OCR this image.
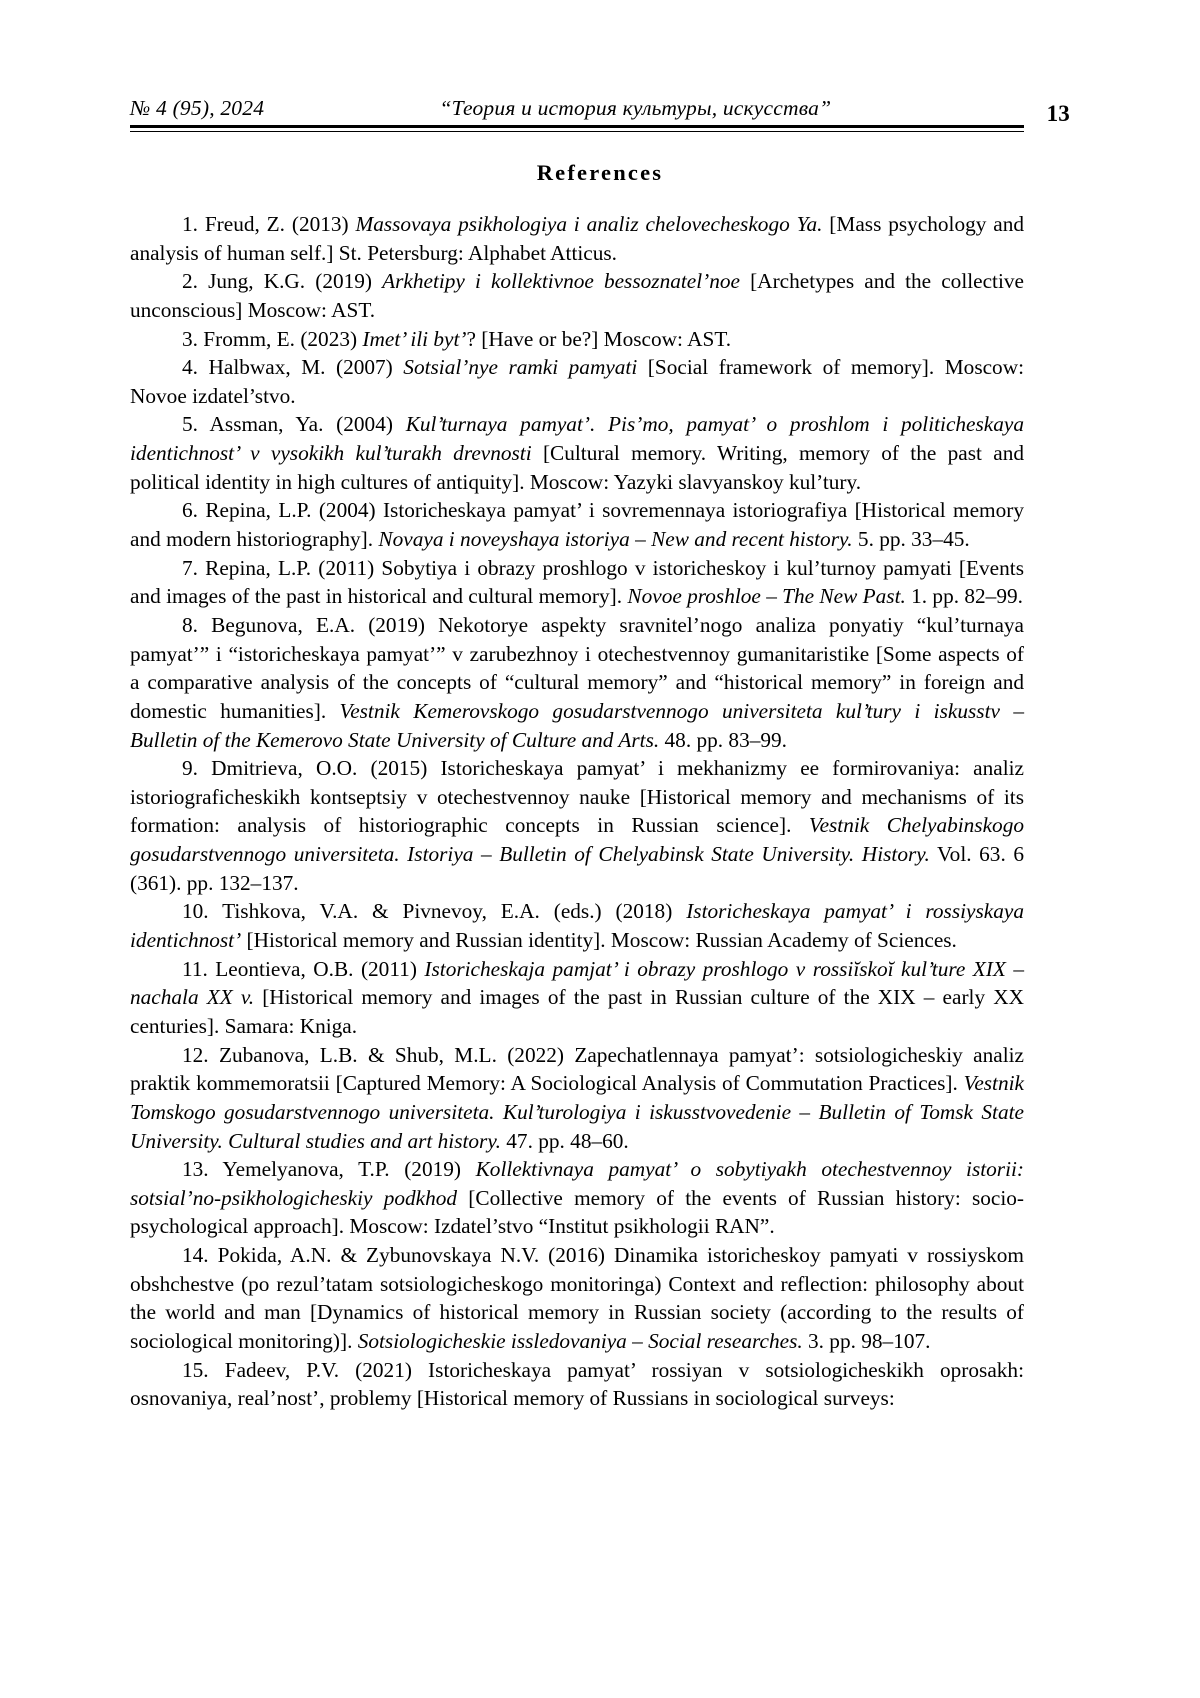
№ 4 (95), 2024	“Теория и история культуры, искусства”	13
References

1. Freud, Z. (2013) Massovaya psikhologiya i analiz chelovecheskogo Ya. [Mass psychology and analysis of human self.] St. Petersburg: Alphabet Atticus.

2. Jung, K.G. (2019) Arkhetipy i kollektivnoe bessoznatel’noe [Archetypes and the collective unconscious] Moscow: AST.

3. Fromm, E. (2023) Imet’ ili byt’? [Have or be?] Moscow: AST.

4. Halbwax, M. (2007) Sotsial’nye ramki pamyati [Social framework of memory]. Moscow: Novoe izdatel’stvo.

5. Assman, Ya. (2004) Kul’turnaya pamyat’. Pis’mo, pamyat’ o proshlom i politicheskaya identichnost’ v vysokikh kul’turakh drevnosti [Cultural memory. Writing, memory of the past and political identity in high cultures of antiquity]. Moscow: Yazyki slavyanskoy kul’tury.

6. Repina, L.P. (2004) Istoricheskaya pamyat’ i sovremennaya istoriografiya [Historical memory and modern historiography]. Novaya i noveyshaya istoriya – New and recent history. 5. pp. 33–45.

7. Repina, L.P. (2011) Sobytiya i obrazy proshlogo v istoricheskoy i kul’turnoy pamyati [Events and images of the past in historical and cultural memory]. Novoe proshloe – The New Past. 1. pp. 82–99.

8. Begunova, E.A. (2019) Nekotorye aspekty sravnitel’nogo analiza ponyatiy “kul’turnaya pamyat’” i “istoricheskaya pamyat’” v zarubezhnoy i otechestvennoy gumanitaristike [Some aspects of a comparative analysis of the concepts of “cultural memory” and “historical memory” in foreign and domestic humanities]. Vestnik Kemerovskogo gosudarstvennogo universiteta kul’tury i iskusstv – Bulletin of the Kemerovo State University of Culture and Arts. 48. pp. 83–99.

9. Dmitrieva, O.O. (2015) Istoricheskaya pamyat’ i mekhanizmy ee formirovaniya: analiz istoriograficheskikh kontseptsiy v otechestvennoy nauke [Historical memory and mechanisms of its formation: analysis of historiographic concepts in Russian science]. Vestnik Chelyabinskogo gosudarstvennogo universiteta. Istoriya – Bulletin of Chelyabinsk State University. History. Vol. 63. 6 (361). pp. 132–137.

10. Tishkova, V.A. & Pivnevoy, E.A. (eds.) (2018) Istoricheskaya pamyat’ i rossiyskaya identichnost’ [Historical memory and Russian identity]. Moscow: Russian Academy of Sciences.

11. Leontieva, O.B. (2011) Istoricheskaja pamjat’ i obrazy proshlogo v rossiĭskoĭ kul’ture XIX – nachala XX v. [Historical memory and images of the past in Russian culture of the XIX – early XX centuries]. Samara: Kniga.

12. Zubanova, L.B. & Shub, M.L. (2022) Zapechatlennaya pamyat’: sotsiologicheskiy analiz praktik kommemoratsii [Captured Memory: A Sociological Analysis of Commutation Practices]. Vestnik Tomskogo gosudarstvennogo universiteta. Kul’turologiya i iskusstvovedenie – Bulletin of Tomsk State University. Cultural studies and art history. 47. pp. 48–60.

13. Yemelyanova, T.P. (2019) Kollektivnaya pamyat’ o sobytiyakh otechestvennoy istorii: sotsial’no-psikhologicheskiy podkhod [Collective memory of the events of Russian history: socio-psychological approach]. Moscow: Izdatel’stvo “Institut psikhologii RAN”.

14. Pokida, A.N. & Zybunovskaya N.V. (2016) Dinamika istoricheskoy pamyati v rossiyskom obshchestve (po rezul’tatam sotsiologicheskogo monitoringa) Context and reflection: philosophy about the world and man [Dynamics of historical memory in Russian society (according to the results of sociological monitoring)]. Sotsiologicheskie issledovaniya – Social researches. 3. pp. 98–107.

15. Fadeev, P.V. (2021) Istoricheskaya pamyat’ rossiyan v sotsiologicheskikh oprosakh: osnovaniya, real’nost’, problemy [Historical memory of Russians in sociological surveys:
